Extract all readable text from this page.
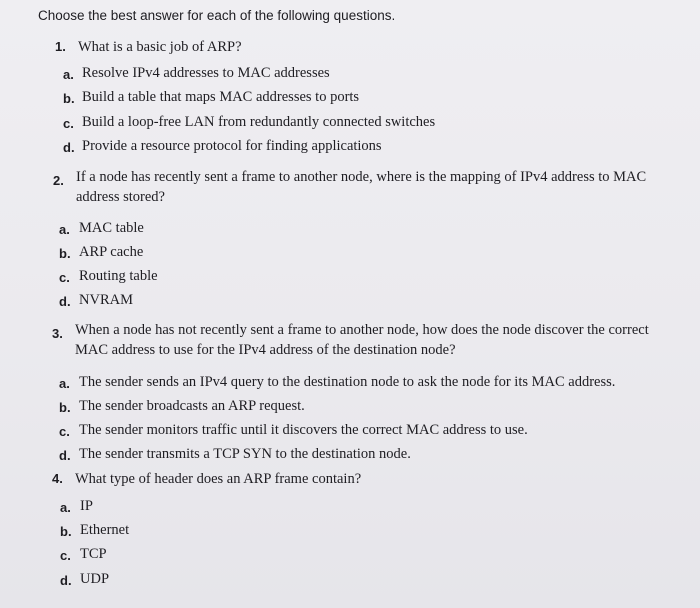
Choose the best answer for each of the following questions.
1. What is a basic job of ARP?
a. Resolve IPv4 addresses to MAC addresses
b. Build a table that maps MAC addresses to ports
c. Build a loop-free LAN from redundantly connected switches
d. Provide a resource protocol for finding applications
2. If a node has recently sent a frame to another node, where is the mapping of IPv4 address to MAC address stored?
a. MAC table
b. ARP cache
c. Routing table
d. NVRAM
3. When a node has not recently sent a frame to another node, how does the node discover the correct MAC address to use for the IPv4 address of the destination node?
a. The sender sends an IPv4 query to the destination node to ask the node for its MAC address.
b. The sender broadcasts an ARP request.
c. The sender monitors traffic until it discovers the correct MAC address to use.
d. The sender transmits a TCP SYN to the destination node.
4. What type of header does an ARP frame contain?
a. IP
b. Ethernet
c. TCP
d. UDP
